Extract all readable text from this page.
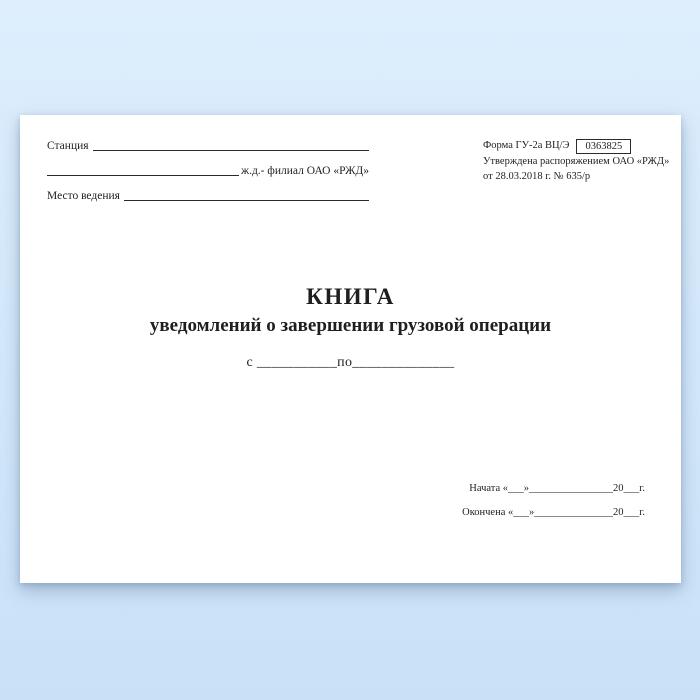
Станция
ж.д.- филиал ОАО «РЖД»
Место ведения
Форма ГУ-2а ВЦ/Э	0363825
Утверждена распоряжением ОАО «РЖД»
от 28.03.2018 г. № 635/р
КНИГА
уведомлений о завершении грузовой операции
с ___________по______________
Начата «___»________________20___г.
Окончена «___»_______________20___г.
